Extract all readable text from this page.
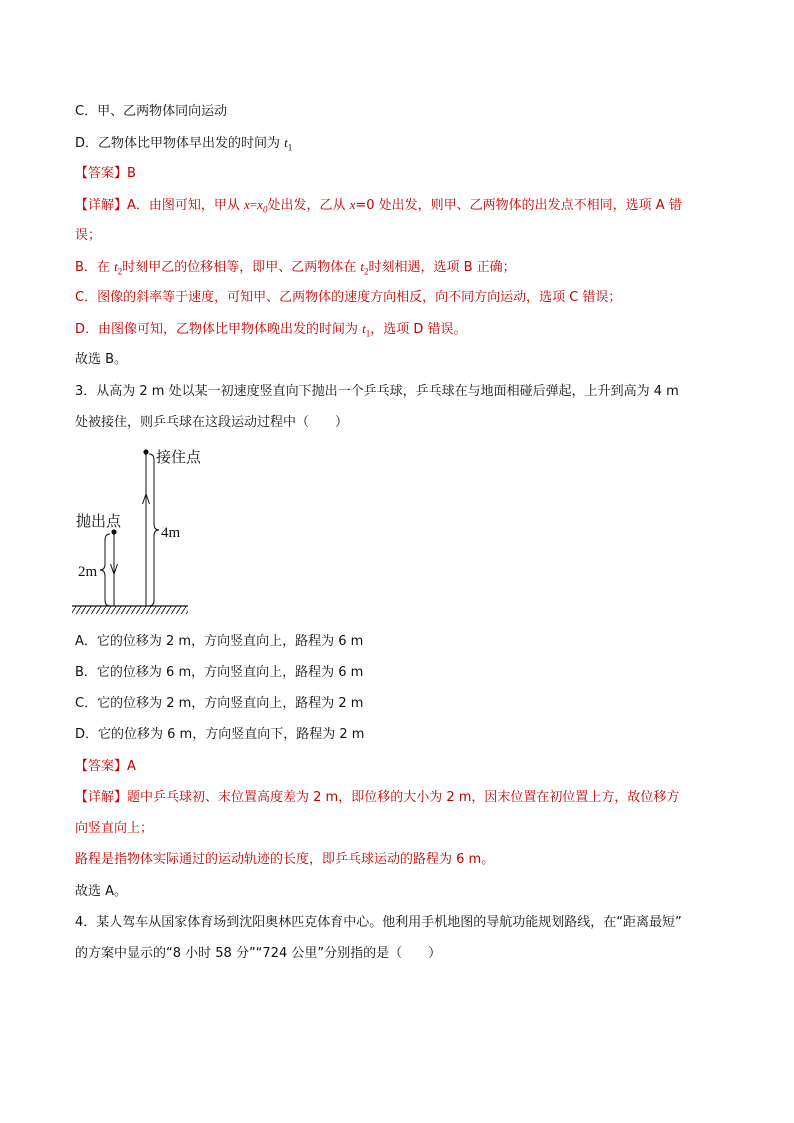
C．甲、乙两物体同向运动
D．乙物体比甲物体早出发的时间为 $t_1$
【答案】B
【详解】A．由图可知，甲从 $x=x_0$处出发，乙从 x=0 处出发，则甲、乙两物体的出发点不相同，选项 A 错
误；
B．在 $t_2$时刻甲乙的位移相等，即甲、乙两物体在 $t_2$时刻相遇，选项 B 正确；
C．图像的斜率等于速度，可知甲、乙两物体的速度方向相反，向不同方向运动，选项 C 错误；
D．由图像可知，乙物体比甲物体晚出发的时间为 $t_1$，选项 D 错误。
故选 B。
3．从高为 2 m 处以某一初速度竖直向下抛出一个乒乓球，乒乓球在与地面相碰后弹起，上升到高为 4 m
处被接住，则乒乓球在这段运动过程中（　　）
接住点
抛出点
4m
2m
A．它的位移为 2 m，方向竖直向上，路程为 6 m
B．它的位移为 6 m，方向竖直向上，路程为 6 m
C．它的位移为 2 m，方向竖直向上，路程为 2 m
D．它的位移为 6 m，方向竖直向下，路程为 2 m
【答案】A
【详解】题中乒乓球初、末位置高度差为 2 m，即位移的大小为 2 m，因末位置在初位置上方，故位移方
向竖直向上；
路程是指物体实际通过的运动轨迹的长度，即乒乓球运动的路程为 6 m。
故选 A。
4．某人驾车从国家体育场到沈阳奥林匹克体育中心。他利用手机地图的导航功能规划路线，在“距离最短”
的方案中显示的“8 小时 58 分”“724 公里”分别指的是（　　）
